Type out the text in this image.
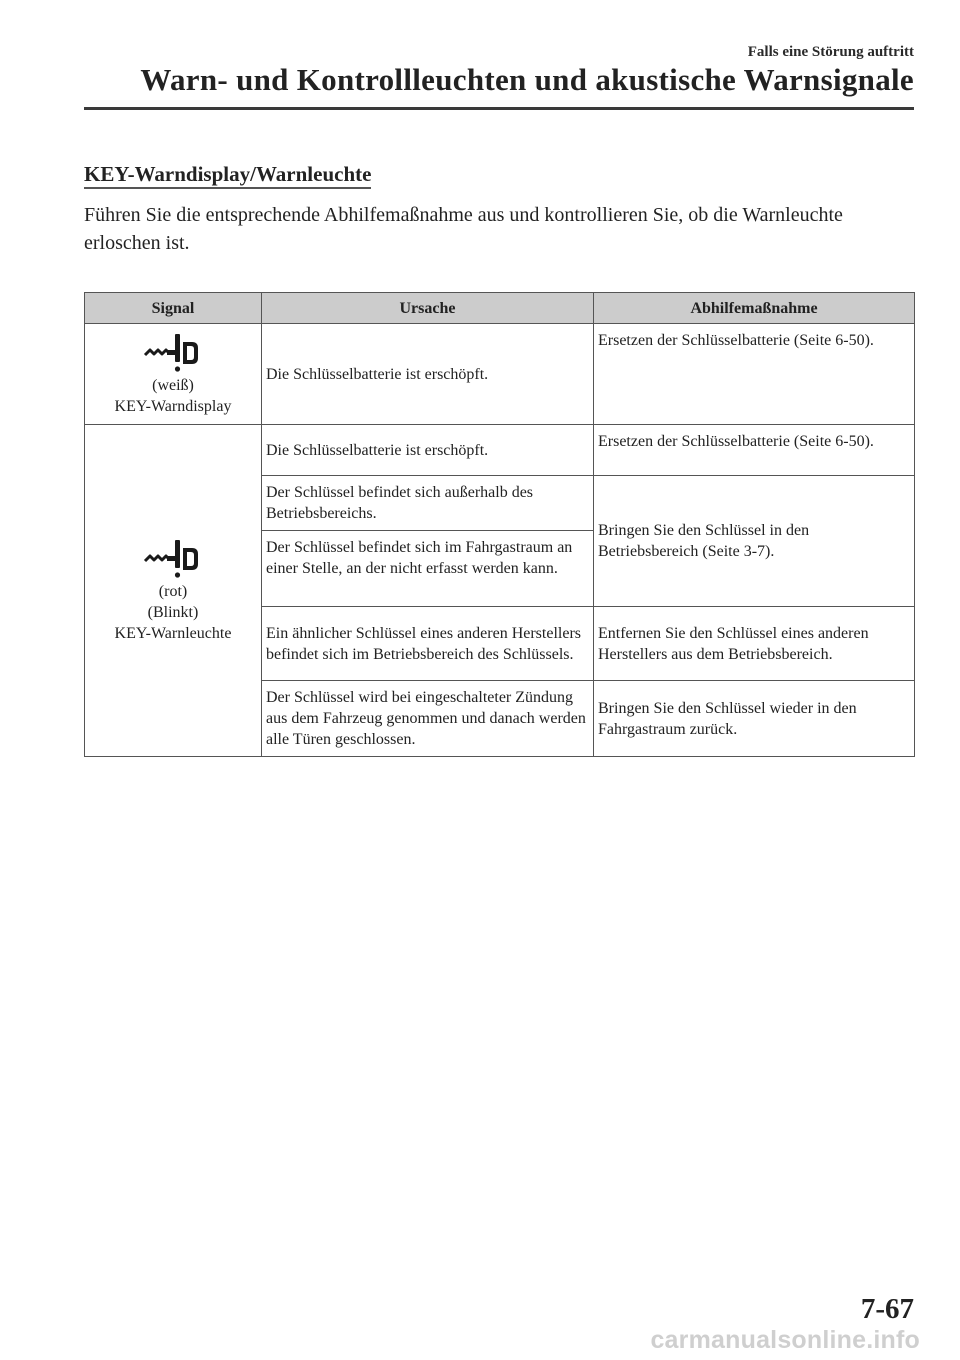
Falls eine Störung auftritt
Warn- und Kontrollleuchten und akustische Warnsignale
KEY-Warndisplay/Warnleuchte

Führen Sie die entsprechende Abhilfemaßnahme aus und kontrollieren Sie, ob die Warnleuchte erloschen ist.

Signal	Ursache	Abhilfemaßnahme

(weiß)
KEY-Warndisplay	Die Schlüsselbatterie ist erschöpft.	Ersetzen der Schlüsselbatterie (Seite 6-50).

(rot)
(Blinkt)
KEY-Warnleuchte	Die Schlüsselbatterie ist erschöpft.	Ersetzen der Schlüsselbatterie (Seite 6-50).
	Der Schlüssel befindet sich außerhalb des Betriebsbereichs.	Bringen Sie den Schlüssel in den Betriebsbereich (Seite 3-7).
	Der Schlüssel befindet sich im Fahrgastraum an einer Stelle, an der nicht erfasst werden kann.	
	Ein ähnlicher Schlüssel eines anderen Herstellers befindet sich im Betriebsbereich des Schlüssels.	Entfernen Sie den Schlüssel eines anderen Herstellers aus dem Betriebsbereich.
	Der Schlüssel wird bei eingeschalteter Zündung aus dem Fahrzeug genommen und danach werden alle Türen geschlossen.	Bringen Sie den Schlüssel wieder in den Fahrgastraum zurück.
7-67
carmanualsonline.info
